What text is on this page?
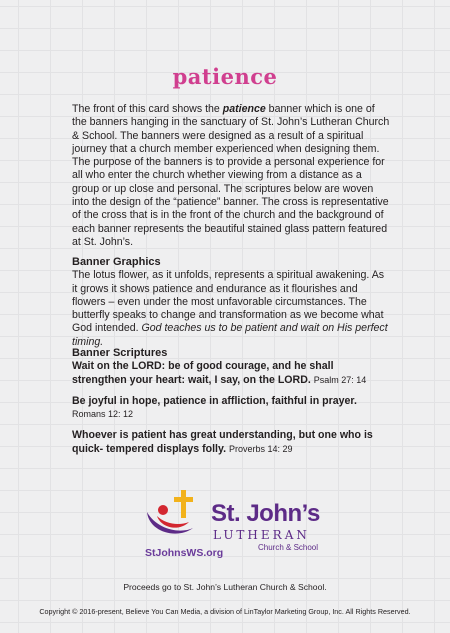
patience

The front of this card shows the patience banner which is one of the banners hanging in the sanctuary of St. John’s Lutheran Church & School. The banners were designed as a result of a spiritual journey that a church member experienced when designing them. The purpose of the banners is to provide a personal experience for all who enter the church whether viewing from a distance as a group or up close and personal. The scriptures below are woven into the design of the “patience” banner. The cross is representative of the cross that is in the front of the church and the background of each banner represents the beautiful stained glass pattern featured at St. John’s.

Banner Graphics

The lotus flower, as it unfolds, represents a spiritual awakening. As it grows it shows patience and endurance as it flourishes and flowers – even under the most unfavorable circumstances. The butterfly speaks to change and transformation as we become what God intended. God teaches us to be patient and wait on His perfect timing.

Banner Scriptures

Wait on the LORD: be of good courage, and he shall strengthen your heart: wait, I say, on the LORD. Psalm 27: 14

Be joyful in hope, patience in affliction, faithful in prayer. Romans 12: 12

Whoever is patient has great understanding, but one who is quick- tempered displays folly. Proverbs 14: 29

St. John’s
LUTHERAN
Church & School
StJohnsWS.org

Proceeds go to St. John’s Lutheran Church & School.

Copyright © 2016-present, Believe You Can Media, a division of LinTaylor Marketing Group, Inc. All Rights Reserved.
